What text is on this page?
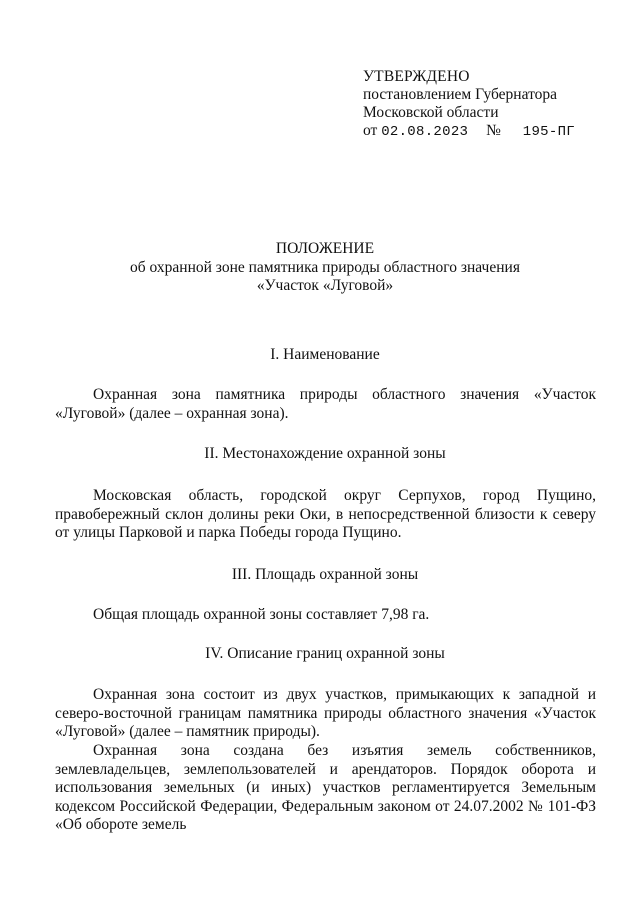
УТВЕРЖДЕНО
постановлением Губернатора
Московской области
от 02.08.2023 № 195-ПГ
ПОЛОЖЕНИЕ
об охранной зоне памятника природы областного значения
«Участок «Луговой»
I. Наименование
Охранная зона памятника природы областного значения «Участок «Луговой» (далее – охранная зона).
II. Местонахождение охранной зоны
Московская область, городской округ Серпухов, город Пущино, правобережный склон долины реки Оки, в непосредственной близости к северу от улицы Парковой и парка Победы города Пущино.
III. Площадь охранной зоны
Общая площадь охранной зоны составляет 7,98 га.
IV. Описание границ охранной зоны
Охранная зона состоит из двух участков, примыкающих к западной и северо-восточной границам памятника природы областного значения «Участок «Луговой» (далее – памятник природы).
Охранная зона создана без изъятия земель собственников, землевладельцев, землепользователей и арендаторов. Порядок оборота и использования земельных (и иных) участков регламентируется Земельным кодексом Российской Федерации, Федеральным законом от 24.07.2002 № 101-ФЗ «Об обороте земель
